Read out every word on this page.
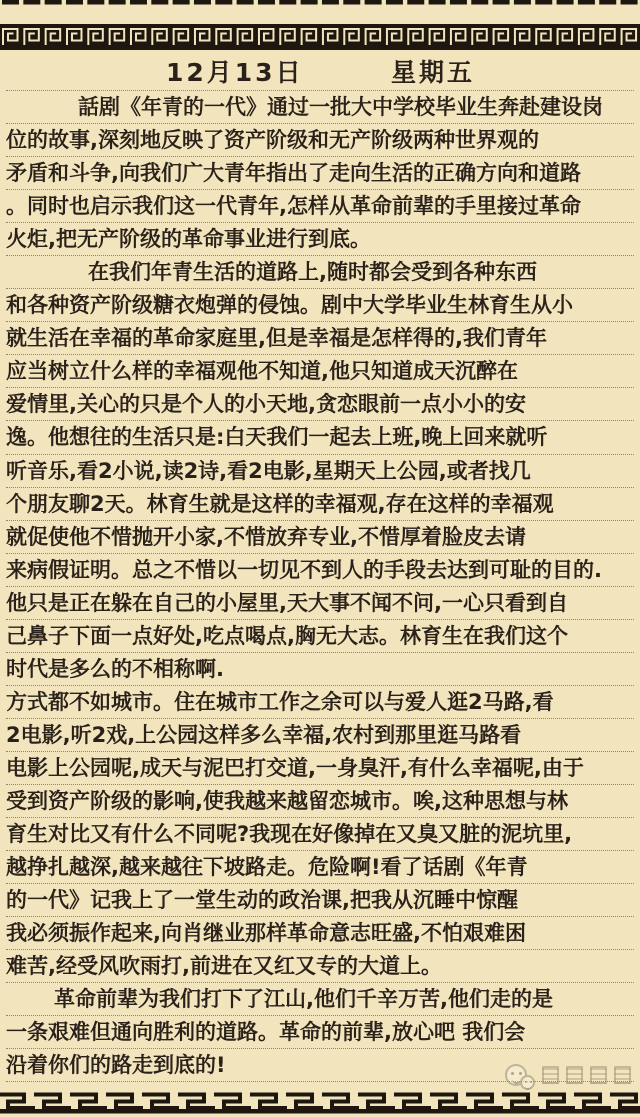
12月13日	星期五
話剧《年青的一代》通过一批大中学校毕业生奔赴建设岗
位的故事,深刻地反映了资产阶级和无产阶级两种世界观的
矛盾和斗争,向我们广大青年指出了走向生活的正确方向和道路
。同时也启示我们这一代青年,怎样从革命前辈的手里接过革命
火炬,把无产阶级的革命事业进行到底。
在我们年青生活的道路上,随时都会受到各种东西
和各种资产阶级糖衣炮弹的侵蚀。剧中大学毕业生林育生从小
就生活在幸福的革命家庭里,但是幸福是怎样得的,我们青年
应当树立什么样的幸福观他不知道,他只知道成天沉醉在
爱情里,关心的只是个人的小天地,贪恋眼前一点小小的安
逸。他想往的生活只是:白天我们一起去上班,晚上回来就听
听音乐,看2小说,读2诗,看2电影,星期天上公园,或者找几
个朋友聊2天。林育生就是这样的幸福观,存在这样的幸福观
就促使他不惜抛开小家,不惜放弃专业,不惜厚着脸皮去请
来病假证明。总之不惜以一切见不到人的手段去达到可耻的目的.
他只是正在躲在自己的小屋里,天大事不闻不问,一心只看到自
己鼻子下面一点好处,吃点喝点,胸无大志。林育生在我们这个
时代是多么的不相称啊.
方式都不如城市。住在城市工作之余可以与爱人逛2马路,看
2电影,听2戏,上公园这样多么幸福,农村到那里逛马路看
电影上公园呢,成天与泥巴打交道,一身臭汗,有什么幸福呢,由于
受到资产阶级的影响,使我越来越留恋城市。唉,这种思想与林
育生对比又有什么不同呢?我现在好像掉在又臭又脏的泥坑里,
越挣扎越深,越来越往下坡路走。危险啊!看了话剧《年青
的一代》记我上了一堂生动的政治课,把我从沉睡中惊醒
我必须振作起来,向肖继业那样革命意志旺盛,不怕艰难困
难苦,经受风吹雨打,前进在又红又专的大道上。
革命前辈为我们打下了江山,他们千辛万苦,他们走的是
一条艰难但通向胜利的道路。革命的前辈,放心吧 我们会
沿着你们的路走到底的!
